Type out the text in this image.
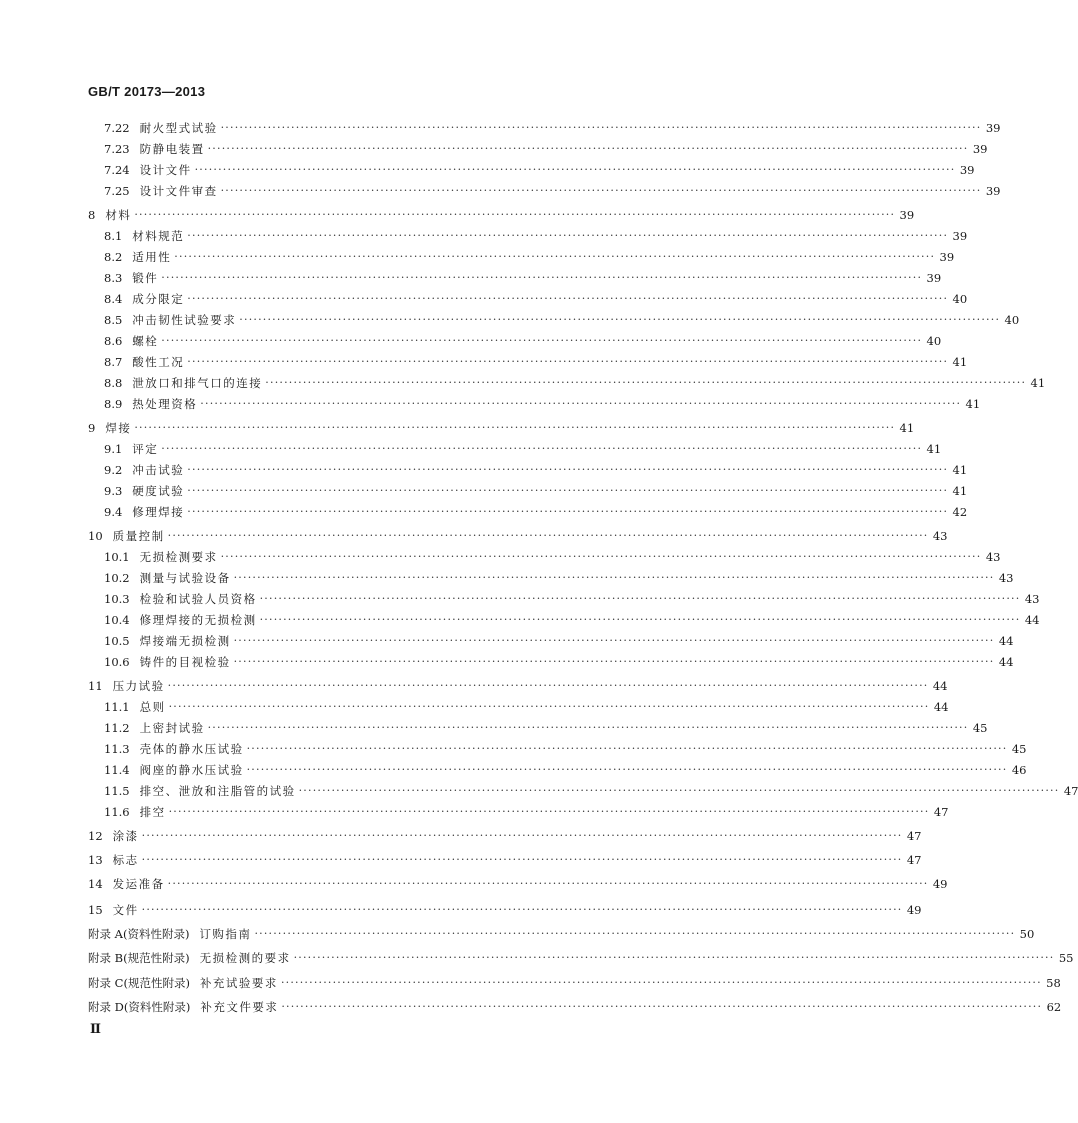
GB/T 20173—2013
7.22 耐火型式试验 ·································································································································································· 39
7.23 防静电装置 ·································································································································································· 39
7.24 设计文件 ·································································································································································· 39
7.25 设计文件审查 ·································································································································································· 39
8 材料 ·································································································································································· 39
8.1 材料规范 ·································································································································································· 39
8.2 适用性 ·································································································································································· 39
8.3 锻件 ·································································································································································· 39
8.4 成分限定 ·································································································································································· 40
8.5 冲击韧性试验要求 ·································································································································································· 40
8.6 螺栓 ·································································································································································· 40
8.7 酸性工况 ·································································································································································· 41
8.8 泄放口和排气口的连接 ·································································································································································· 41
8.9 热处理资格 ·································································································································································· 41
9 焊接 ·································································································································································· 41
9.1 评定 ·································································································································································· 41
9.2 冲击试验 ·································································································································································· 41
9.3 硬度试验 ·································································································································································· 41
9.4 修理焊接 ·································································································································································· 42
10 质量控制 ·································································································································································· 43
10.1 无损检测要求 ·································································································································································· 43
10.2 测量与试验设备 ·································································································································································· 43
10.3 检验和试验人员资格 ·································································································································································· 43
10.4 修理焊接的无损检测 ·································································································································································· 44
10.5 焊接端无损检测 ·································································································································································· 44
10.6 铸件的目视检验 ·································································································································································· 44
11 压力试验 ·································································································································································· 44
11.1 总则 ·································································································································································· 44
11.2 上密封试验 ·································································································································································· 45
11.3 壳体的静水压试验 ·································································································································································· 45
11.4 阀座的静水压试验 ·································································································································································· 46
11.5 排空、泄放和注脂管的试验 ·································································································································································· 47
11.6 排空 ·································································································································································· 47
12 涂漆 ·································································································································································· 47
13 标志 ·································································································································································· 47
14 发运准备 ·································································································································································· 49
15 文件 ·································································································································································· 49
附录 A(资料性附录) 订购指南 ·································································································································································· 50
附录 B(规范性附录) 无损检测的要求 ·································································································································································· 55
附录 C(规范性附录) 补充试验要求 ·································································································································································· 58
附录 D(资料性附录) 补充文件要求 ·································································································································································· 62
Ⅱ
